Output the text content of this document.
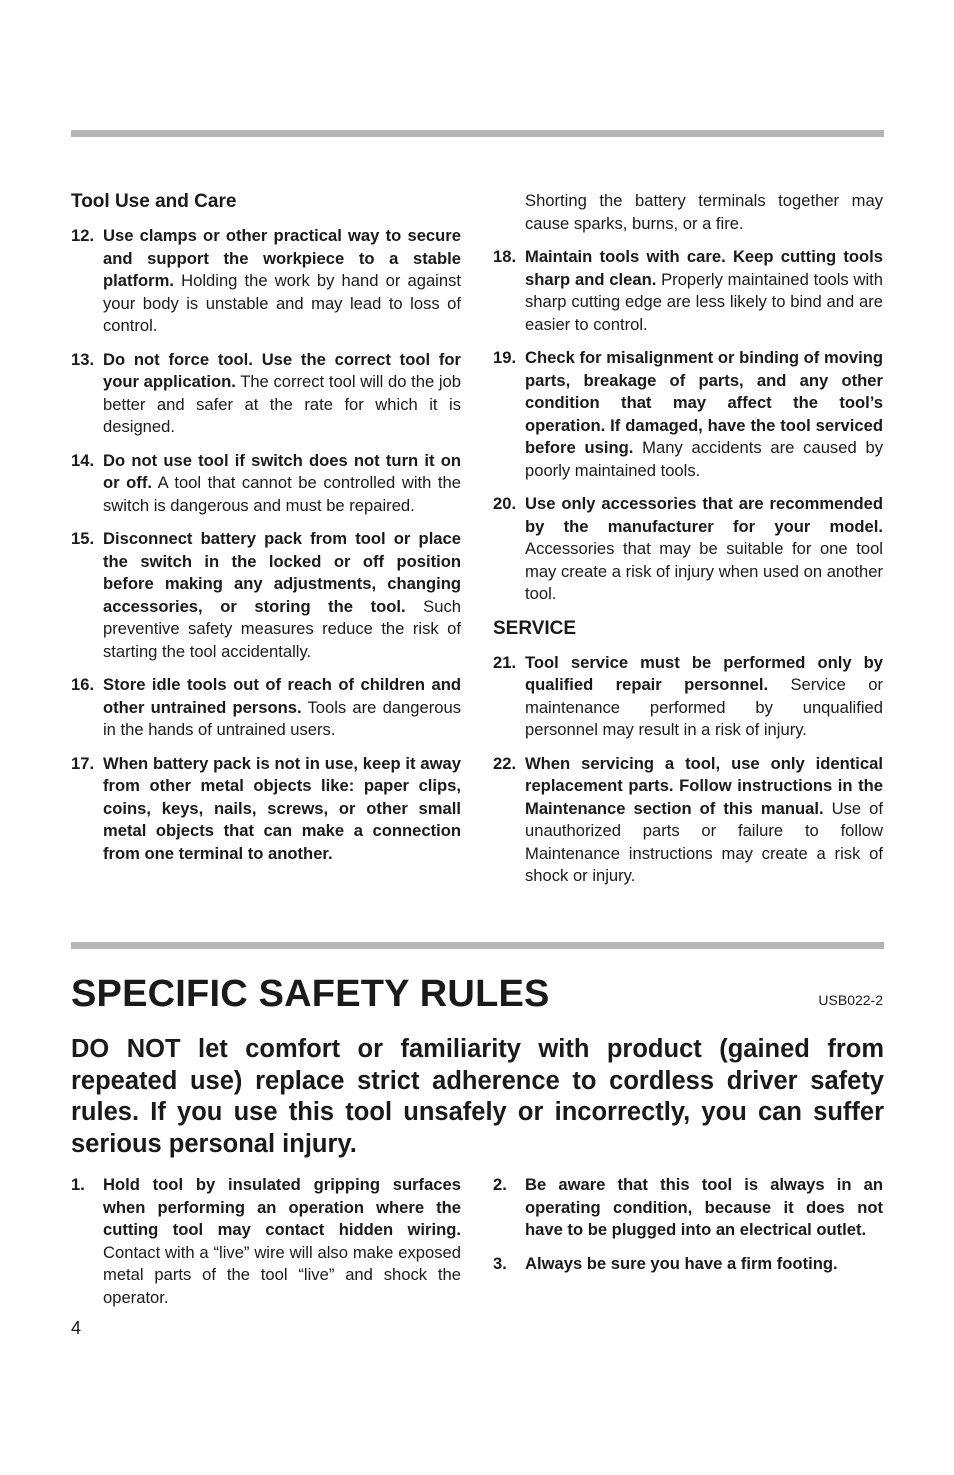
Tool Use and Care
12. Use clamps or other practical way to secure and support the workpiece to a stable platform. Holding the work by hand or against your body is unstable and may lead to loss of control.
13. Do not force tool. Use the correct tool for your application. The correct tool will do the job better and safer at the rate for which it is designed.
14. Do not use tool if switch does not turn it on or off. A tool that cannot be controlled with the switch is dangerous and must be repaired.
15. Disconnect battery pack from tool or place the switch in the locked or off position before making any adjustments, changing accessories, or storing the tool. Such preventive safety measures reduce the risk of starting the tool accidentally.
16. Store idle tools out of reach of children and other untrained persons. Tools are dangerous in the hands of untrained users.
17. When battery pack is not in use, keep it away from other metal objects like: paper clips, coins, keys, nails, screws, or other small metal objects that can make a connection from one terminal to another.
Shorting the battery terminals together may cause sparks, burns, or a fire.
18. Maintain tools with care. Keep cutting tools sharp and clean. Properly maintained tools with sharp cutting edge are less likely to bind and are easier to control.
19. Check for misalignment or binding of moving parts, breakage of parts, and any other condition that may affect the tool’s operation. If damaged, have the tool serviced before using. Many accidents are caused by poorly maintained tools.
20. Use only accessories that are recommended by the manufacturer for your model. Accessories that may be suitable for one tool may create a risk of injury when used on another tool.
SERVICE
21. Tool service must be performed only by qualified repair personnel. Service or maintenance performed by unqualified personnel may result in a risk of injury.
22. When servicing a tool, use only identical replacement parts. Follow instructions in the Maintenance section of this manual. Use of unauthorized parts or failure to follow Maintenance instructions may create a risk of shock or injury.
SPECIFIC SAFETY RULES	USB022-2
DO NOT let comfort or familiarity with product (gained from repeated use) replace strict adherence to cordless driver safety rules. If you use this tool unsafely or incorrectly, you can suffer serious personal injury.
1.	Hold tool by insulated gripping surfaces when performing an operation where the cutting tool may contact hidden wiring. Contact with a “live” wire will also make exposed metal parts of the tool “live” and shock the operator.
2.	Be aware that this tool is always in an operating condition, because it does not have to be plugged into an electrical outlet.
3.	Always be sure you have a firm footing.
4
